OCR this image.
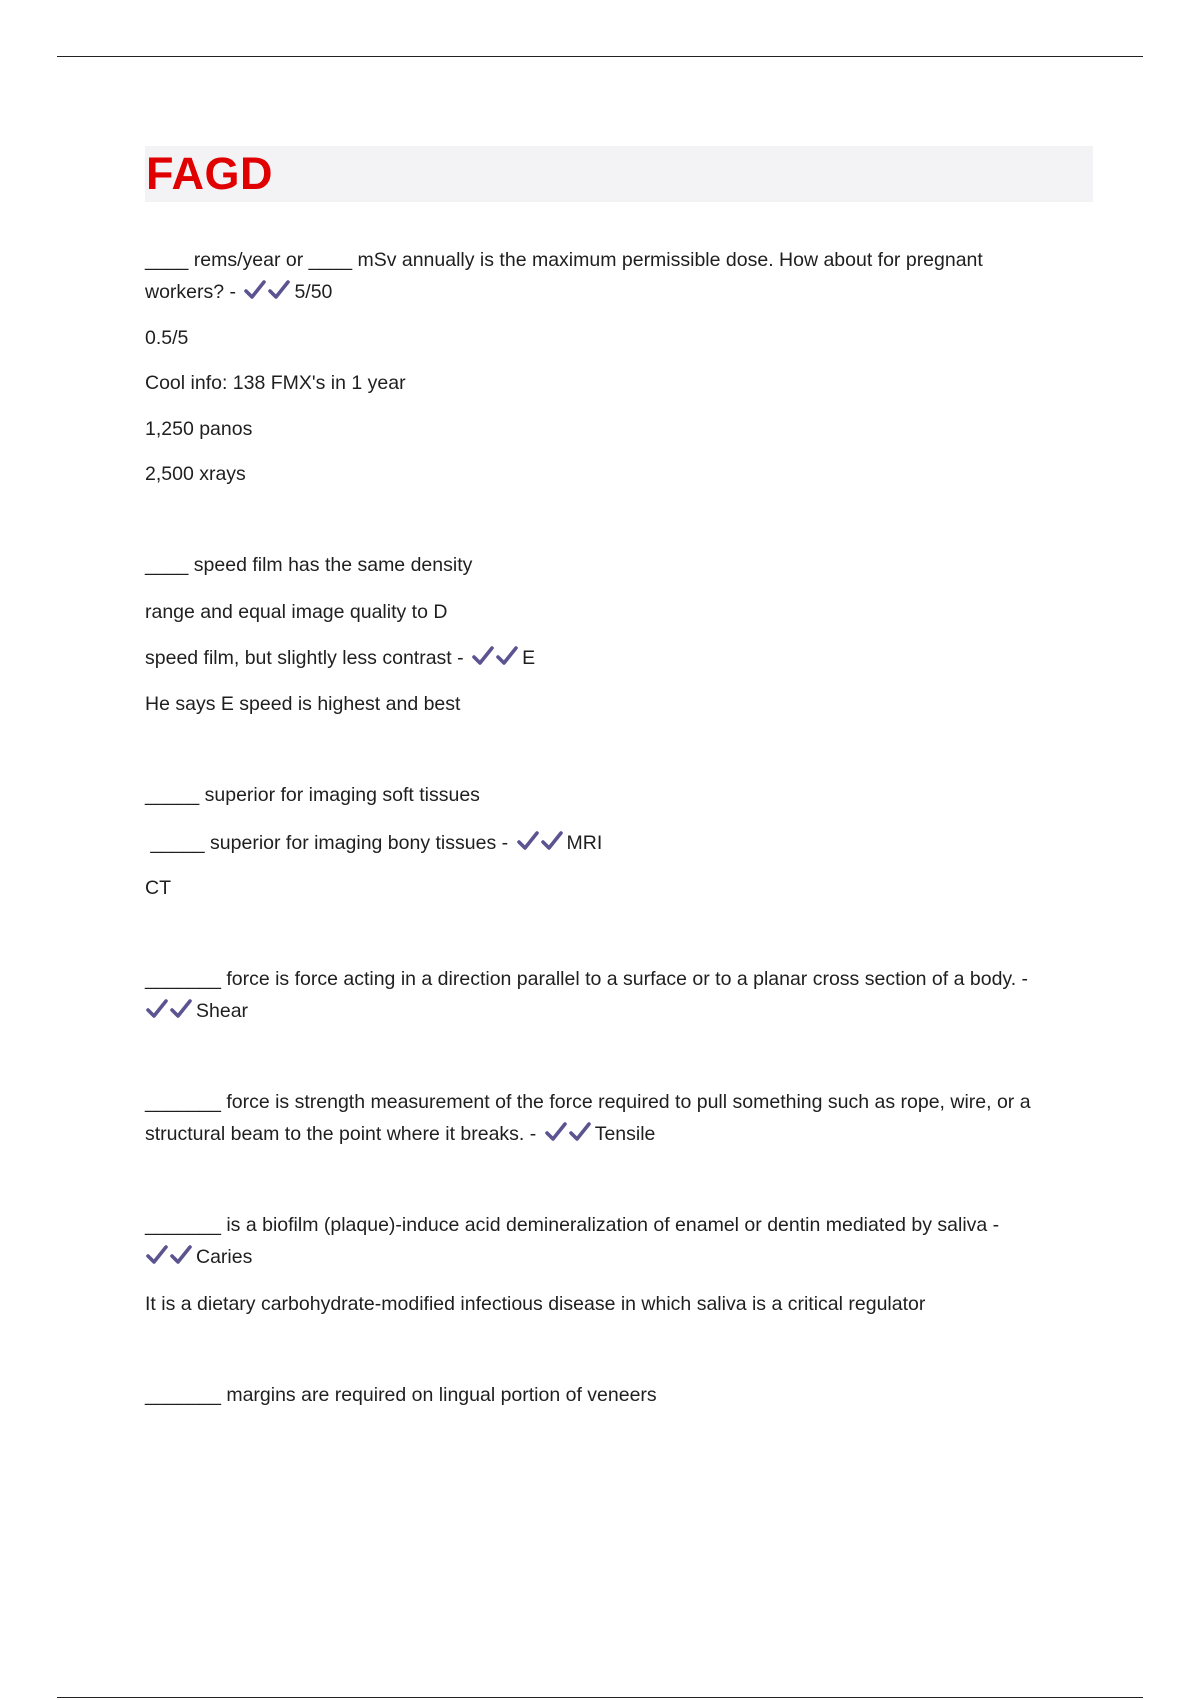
FAGD
____ rems/year or ____ mSv annually is the maximum permissible dose. How about for pregnant
workers? -	5/50
0.5/5
Cool info: 138 FMX's in 1 year
1,250 panos
2,500 xrays
____ speed film has the same density
range and equal image quality to D
speed film, but slightly less contrast -	E
He says E speed is highest and best
_____ superior for imaging soft tissues
_____ superior for imaging bony tissues -	MRI
CT
_______ force is force acting in a direction parallel to a surface or to a planar cross section of a body. -
Shear
_______ force is strength measurement of the force required to pull something such as rope, wire, or a
structural beam to the point where it breaks. -	Tensile
_______ is a biofilm (plaque)-induce acid demineralization of enamel or dentin mediated by saliva -
Caries
It is a dietary carbohydrate-modified infectious disease in which saliva is a critical regulator
_______ margins are required on lingual portion of veneers
